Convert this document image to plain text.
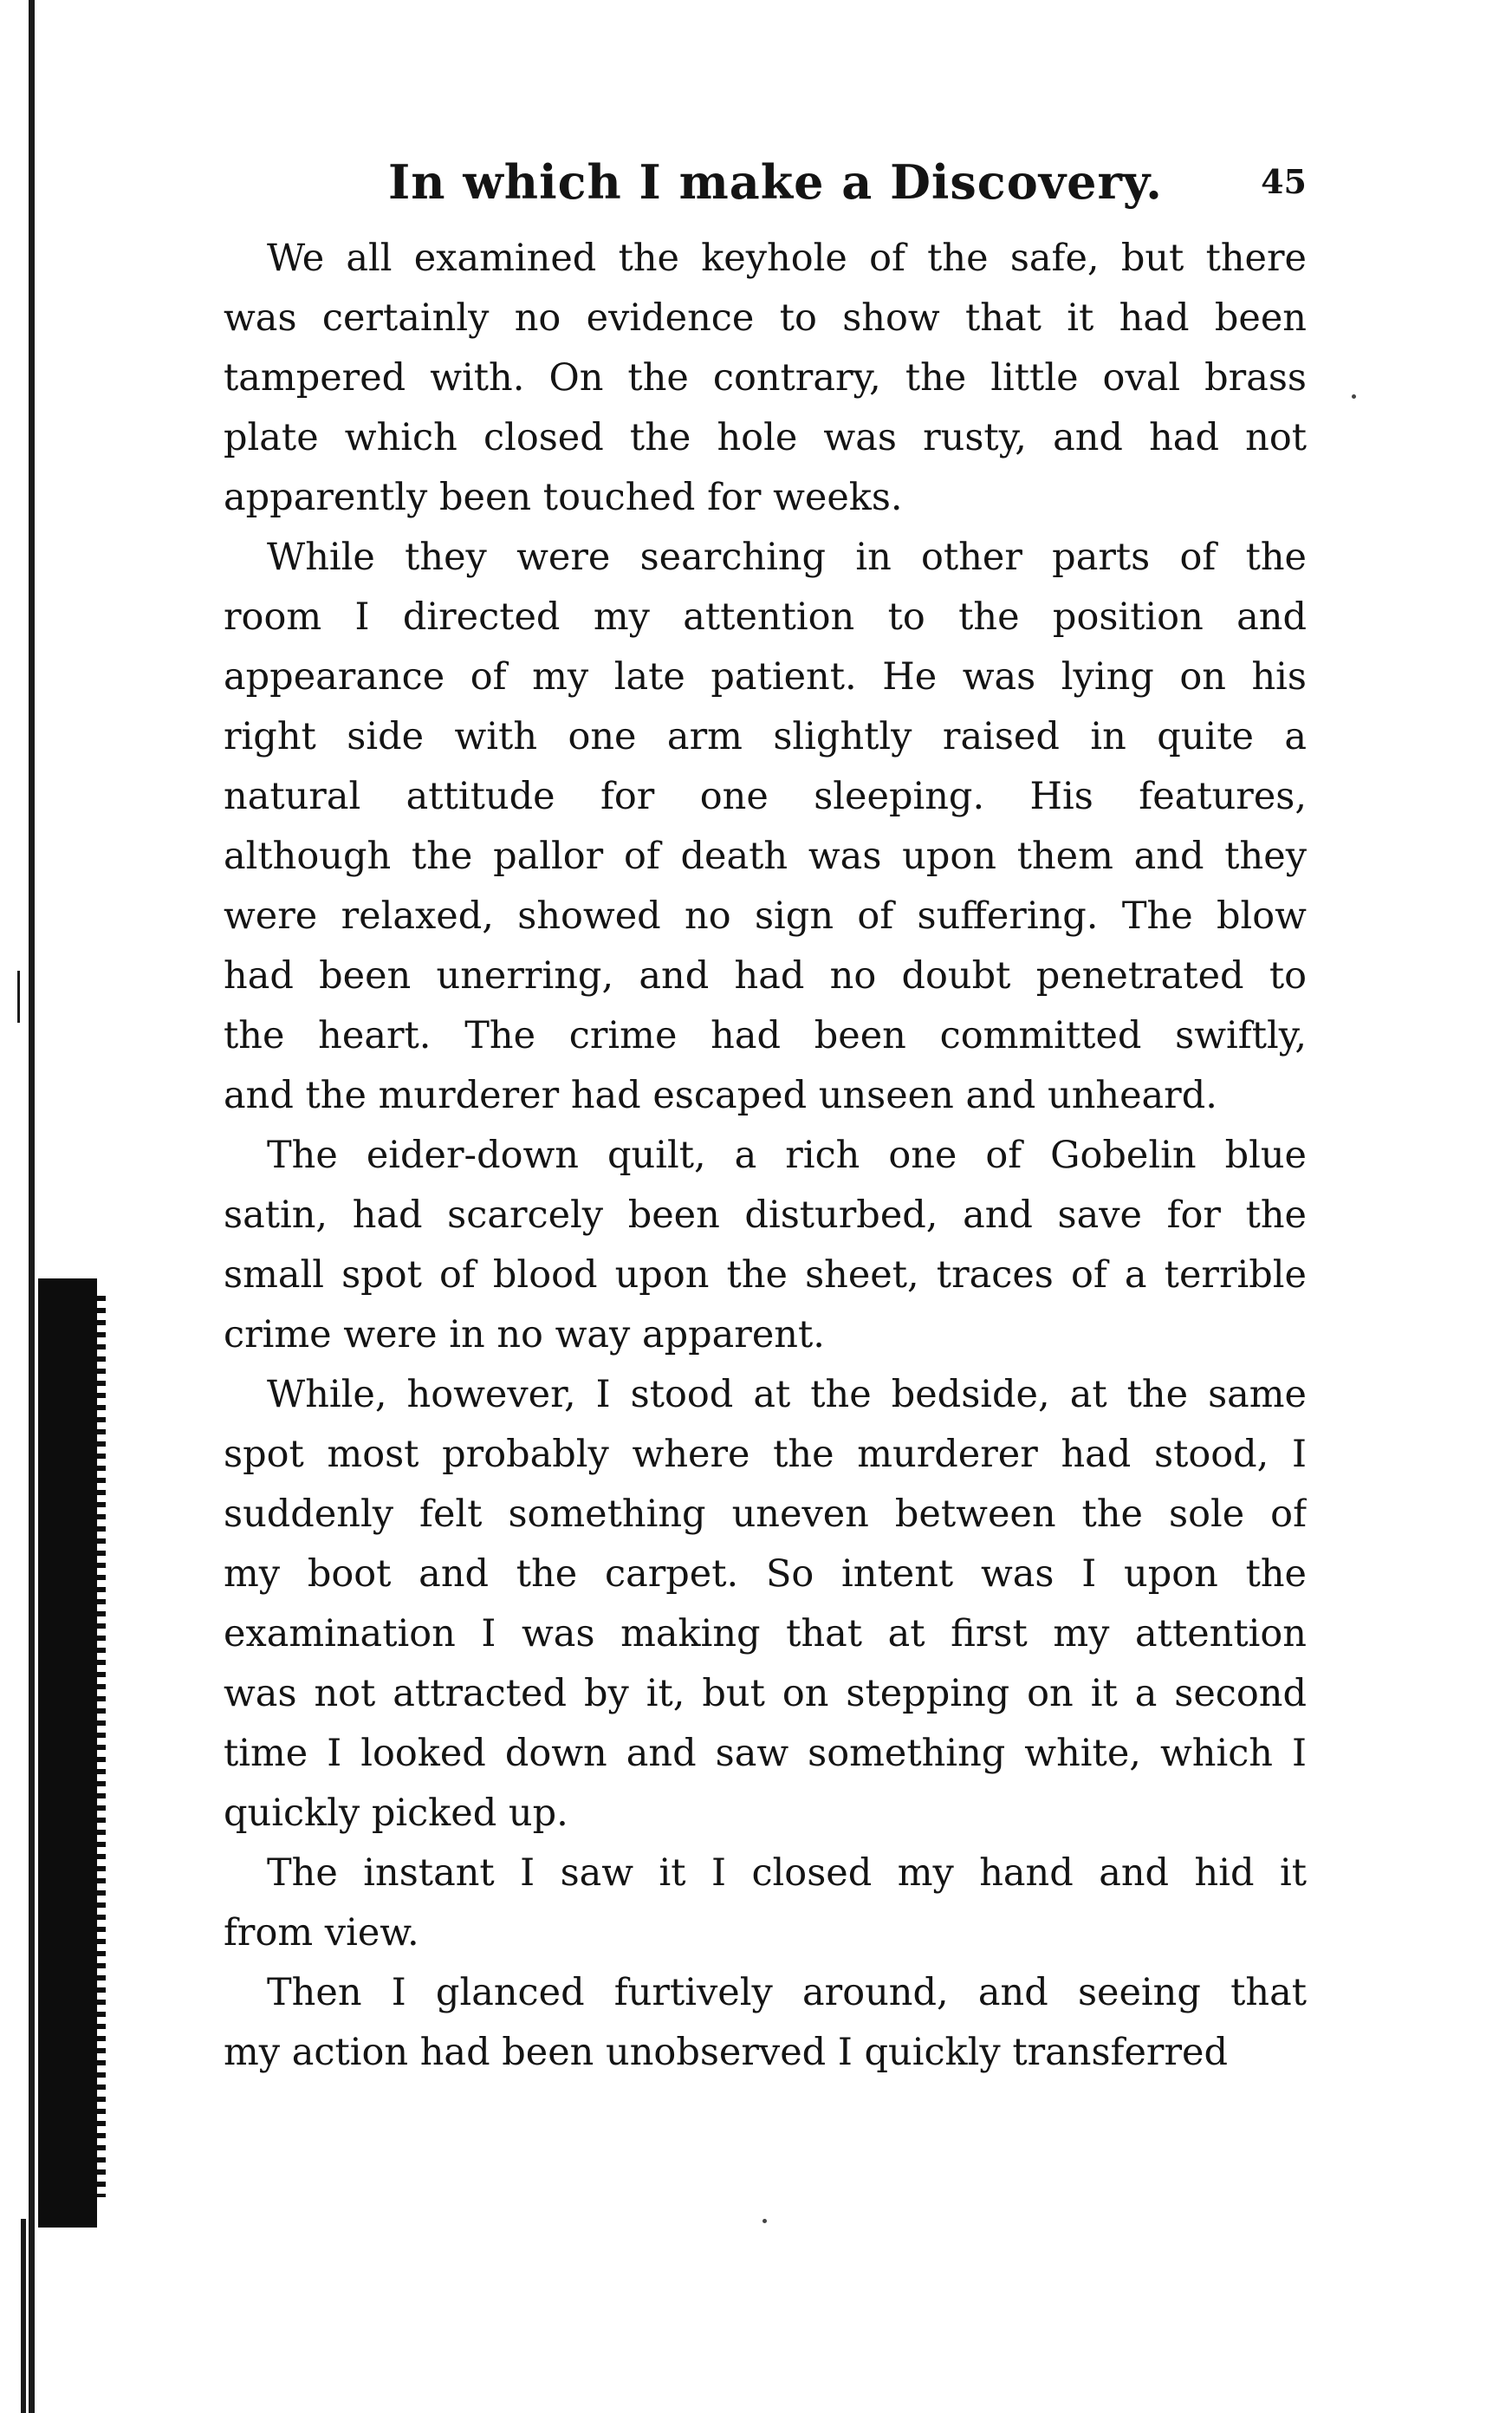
In which I make a Discovery.	45
We all examined the keyhole of the safe, but there
was certainly no evidence to show that it had been
tampered with. On the contrary, the little oval brass
plate which closed the hole was rusty, and had not
apparently been touched for weeks.
While they were searching in other parts of the
room I directed my attention to the position and
appearance of my late patient. He was lying on his
right side with one arm slightly raised in quite a
natural attitude for one sleeping. His features,
although the pallor of death was upon them and they
were relaxed, showed no sign of suffering. The blow
had been unerring, and had no doubt penetrated to
the heart. The crime had been committed swiftly,
and the murderer had escaped unseen and unheard.
The eider-down quilt, a rich one of Gobelin blue
satin, had scarcely been disturbed, and save for the
small spot of blood upon the sheet, traces of a terrible
crime were in no way apparent.
While, however, I stood at the bedside, at the same
spot most probably where the murderer had stood, I
suddenly felt something uneven between the sole of
my boot and the carpet. So intent was I upon the
examination I was making that at first my attention
was not attracted by it, but on stepping on it a second
time I looked down and saw something white, which I
quickly picked up.
The instant I saw it I closed my hand and hid it
from view.
Then I glanced furtively around, and seeing that
my action had been unobserved I quickly transferred
